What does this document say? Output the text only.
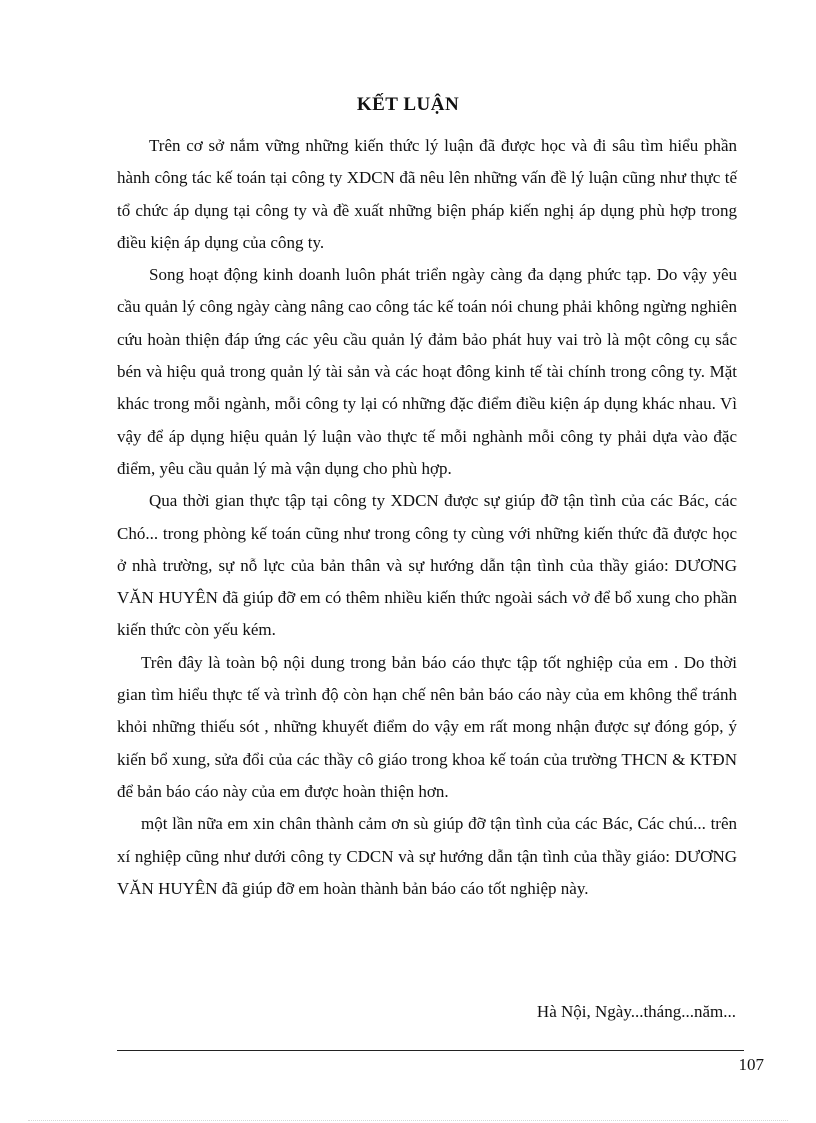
KẾT LUẬN

Trên cơ sở nắm vững những kiến thức lý luận đã được học và đi sâu tìm hiểu phần hành công tác kế toán tại công ty XDCN đã nêu lên những vấn đề lý luận cũng như thực tế tổ chức áp dụng tại công ty và đề xuất những biện pháp kiến nghị áp dụng phù hợp trong điều kiện áp dụng của công ty.

Song hoạt động kinh doanh luôn phát triển ngày càng đa dạng phức tạp. Do vậy yêu cầu quản lý công ngày càng nâng cao công tác kế toán nói chung phải không ngừng nghiên cứu hoàn thiện đáp ứng các yêu cầu quản lý đảm bảo phát huy vai trò là một công cụ sắc bén và hiệu quả trong quản lý tài sản và các hoạt đông kinh tế tài chính trong công ty. Mặt khác trong mỗi ngành, mỗi công ty lại có những đặc điểm điều kiện áp dụng khác nhau. Vì vậy để áp dụng hiệu quản lý luận vào thực tế mỗi nghành mỗi công ty phải dựa vào đặc điểm, yêu cầu quản lý mà vận dụng cho phù hợp.

Qua thời gian thực tập tại công ty XDCN được sự giúp đỡ tận tình của các Bác, các Chó... trong phòng kế toán cũng như trong công ty cùng với những kiến thức đã được học ở nhà trường, sự nỗ lực của bản thân và sự hướng dẫn tận tình của thầy giáo: DƯƠNG VĂN HUYÊN đã giúp đỡ em có thêm nhiều kiến thức ngoài sách vở để bổ xung cho phần kiến thức còn yếu kém.

Trên đây là toàn bộ nội dung trong bản báo cáo thực tập tốt nghiệp của em . Do thời gian tìm hiểu thực tế và trình độ còn hạn chế nên bản báo cáo này của em không thể tránh khỏi những thiếu sót , những khuyết điểm do vậy em rất mong nhận được sự đóng góp, ý kiến bổ xung, sửa đổi của các thầy cô giáo trong khoa kế toán của trường THCN & KTĐN để bản báo cáo này của em được hoàn thiện hơn.

một lần nữa em xin chân thành cảm ơn sù giúp đỡ tận tình của các Bác, Các chú... trên xí nghiệp cũng như dưới công ty CDCN và sự hướng dẫn tận tình của thầy giáo: DƯƠNG VĂN HUYÊN đã giúp đỡ em hoàn thành bản báo cáo tốt nghiệp này.

Hà Nội, Ngày...tháng...năm...
107
